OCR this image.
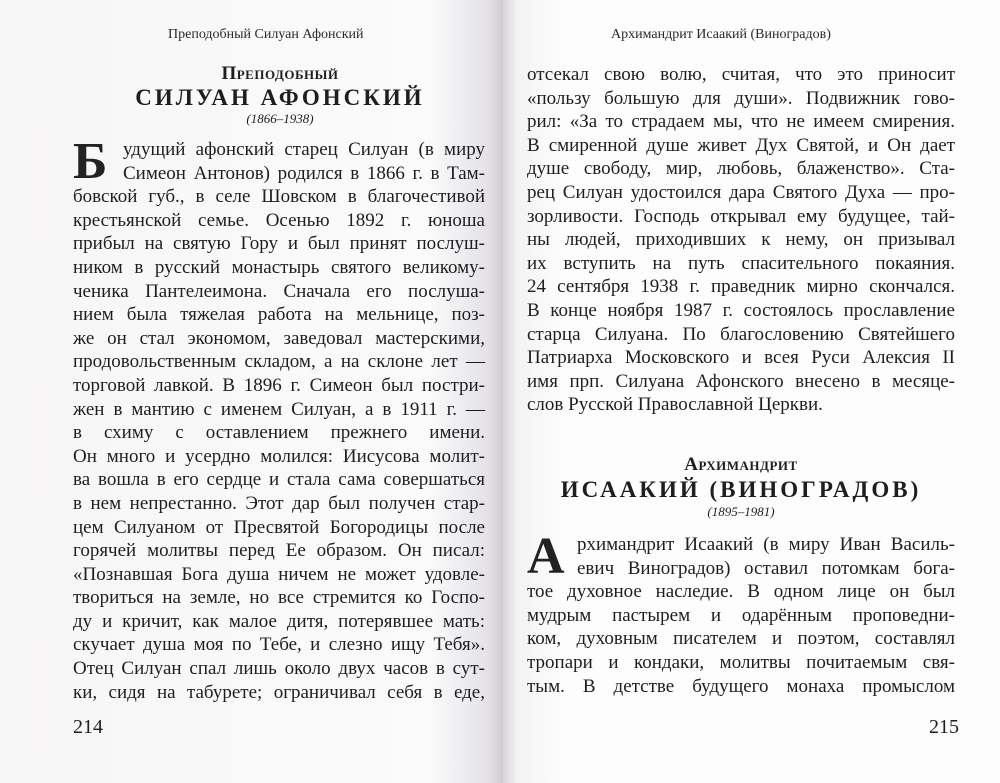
Преподобный Силуан Афонский
Преподобный
СИЛУАН АФОНСКИЙ
(1866–1938)
Б удущий афонский старец Силуан (в миру
Симеон Антонов) родился в 1866 г. в Там-
бовской губ., в селе Шовском в благочестивой
крестьянской семье. Осенью 1892 г. юноша
прибыл на святую Гору и был принят послуш-
ником в русский монастырь святого великому-
ченика Пантелеимона. Сначала его послуша-
нием была тяжелая работа на мельнице, поз-
же он стал экономом, заведовал мастерскими,
продовольственным складом, а на склоне лет —
торговой лавкой. В 1896 г. Симеон был постри-
жен в мантию с именем Силуан, а в 1911 г. —
в схиму с оставлением прежнего имени.
Он много и усердно молился: Иисусова молит-
ва вошла в его сердце и стала сама совершаться
в нем непрестанно. Этот дар был получен стар-
цем Силуаном от Пресвятой Богородицы после
горячей молитвы перед Ее образом. Он писал:
«Познавшая Бога душа ничем не может удовле-
твориться на земле, но все стремится ко Госпо-
ду и кричит, как малое дитя, потерявшее мать:
скучает душа моя по Тебе, и слезно ищу Тебя».
Отец Силуан спал лишь около двух часов в сут-
ки, сидя на табурете; ограничивал себя в еде,
214
Архимандрит Исаакий (Виноградов)
отсекал свою волю, считая, что это приносит
«пользу большую для души». Подвижник гово-
рил: «За то страдаем мы, что не имеем смирения.
В смиренной душе живет Дух Святой, и Он дает
душе свободу, мир, любовь, блаженство». Ста-
рец Силуан удостоился дара Святого Духа — про-
зорливости. Господь открывал ему будущее, тай-
ны людей, приходивших к нему, он призывал
их вступить на путь спасительного покаяния.
24 сентября 1938 г. праведник мирно скончался.
В конце ноября 1987 г. состоялось прославление
старца Силуана. По благословению Святейшего
Патриарха Московского и всея Руси Алексия II
имя прп. Силуана Афонского внесено в месяце-
слов Русской Православной Церкви.
Архимандрит
ИСААКИЙ (ВИНОГРАДОВ)
(1895–1981)
А рхимандрит Исаакий (в миру Иван Василь-
евич Виноградов) оставил потомкам бога-
тое духовное наследие. В одном лице он был
мудрым пастырем и одарённым проповедни-
ком, духовным писателем и поэтом, составлял
тропари и кондаки, молитвы почитаемым свя-
тым. В детстве будущего монаха промыслом
215
